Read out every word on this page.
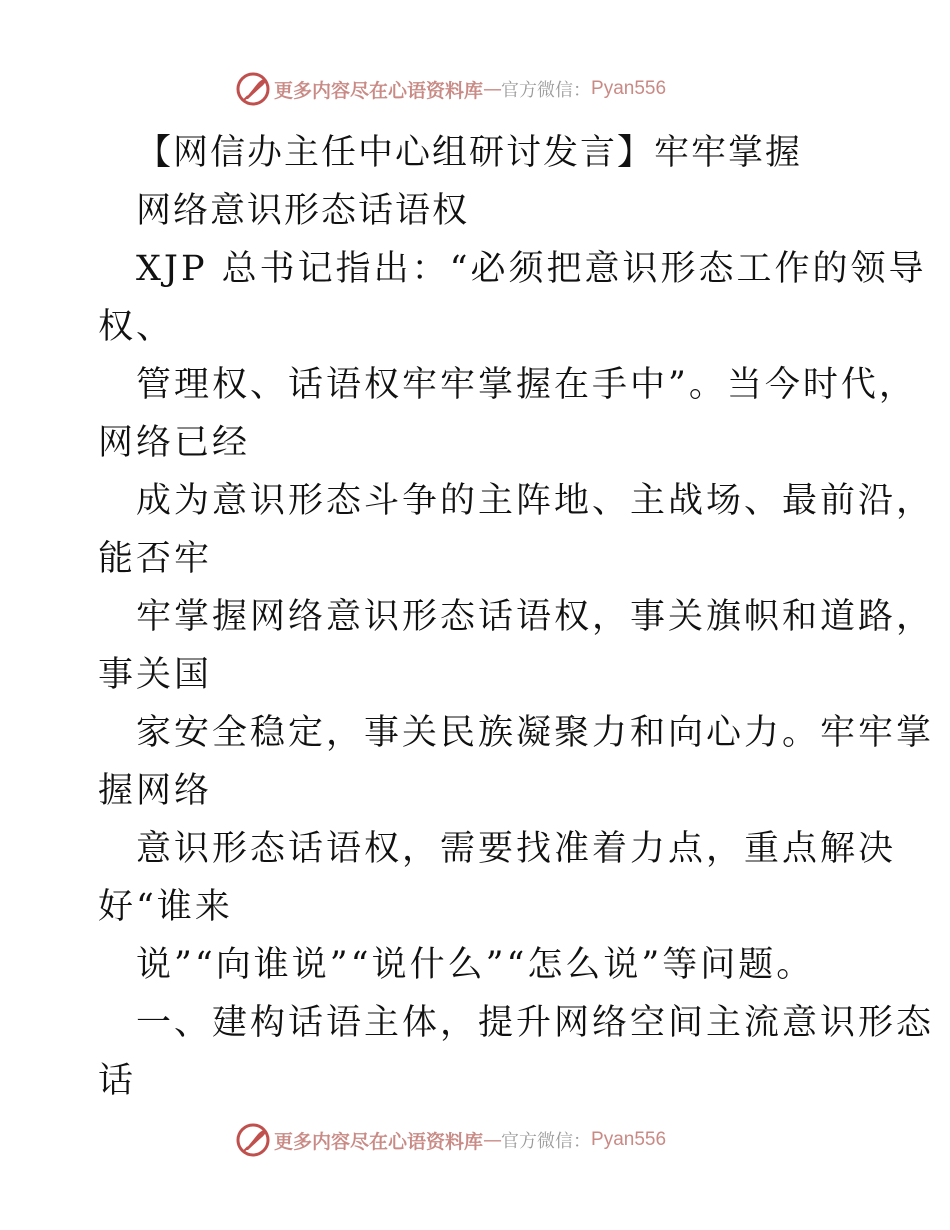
更多内容尽在心语资料库 — 官方微信： Pyan556
【网信办主任中心组研讨发言】牢牢掌握
网络意识形态话语权
XJP 总书记指出：“必须把意识形态工作的领导
权、
管理权、话语权牢牢掌握在手中”。当今时代，
网络已经
成为意识形态斗争的主阵地、主战场、最前沿，
能否牢
牢掌握网络意识形态话语权，事关旗帜和道路，
事关国
家安全稳定，事关民族凝聚力和向心力。牢牢掌
握网络
意识形态话语权，需要找准着力点，重点解决
好“谁来
说”“向谁说”“说什么”“怎么说”等问题。
一、建构话语主体，提升网络空间主流意识形态
话
更多内容尽在心语资料库 — 官方微信： Pyan556
